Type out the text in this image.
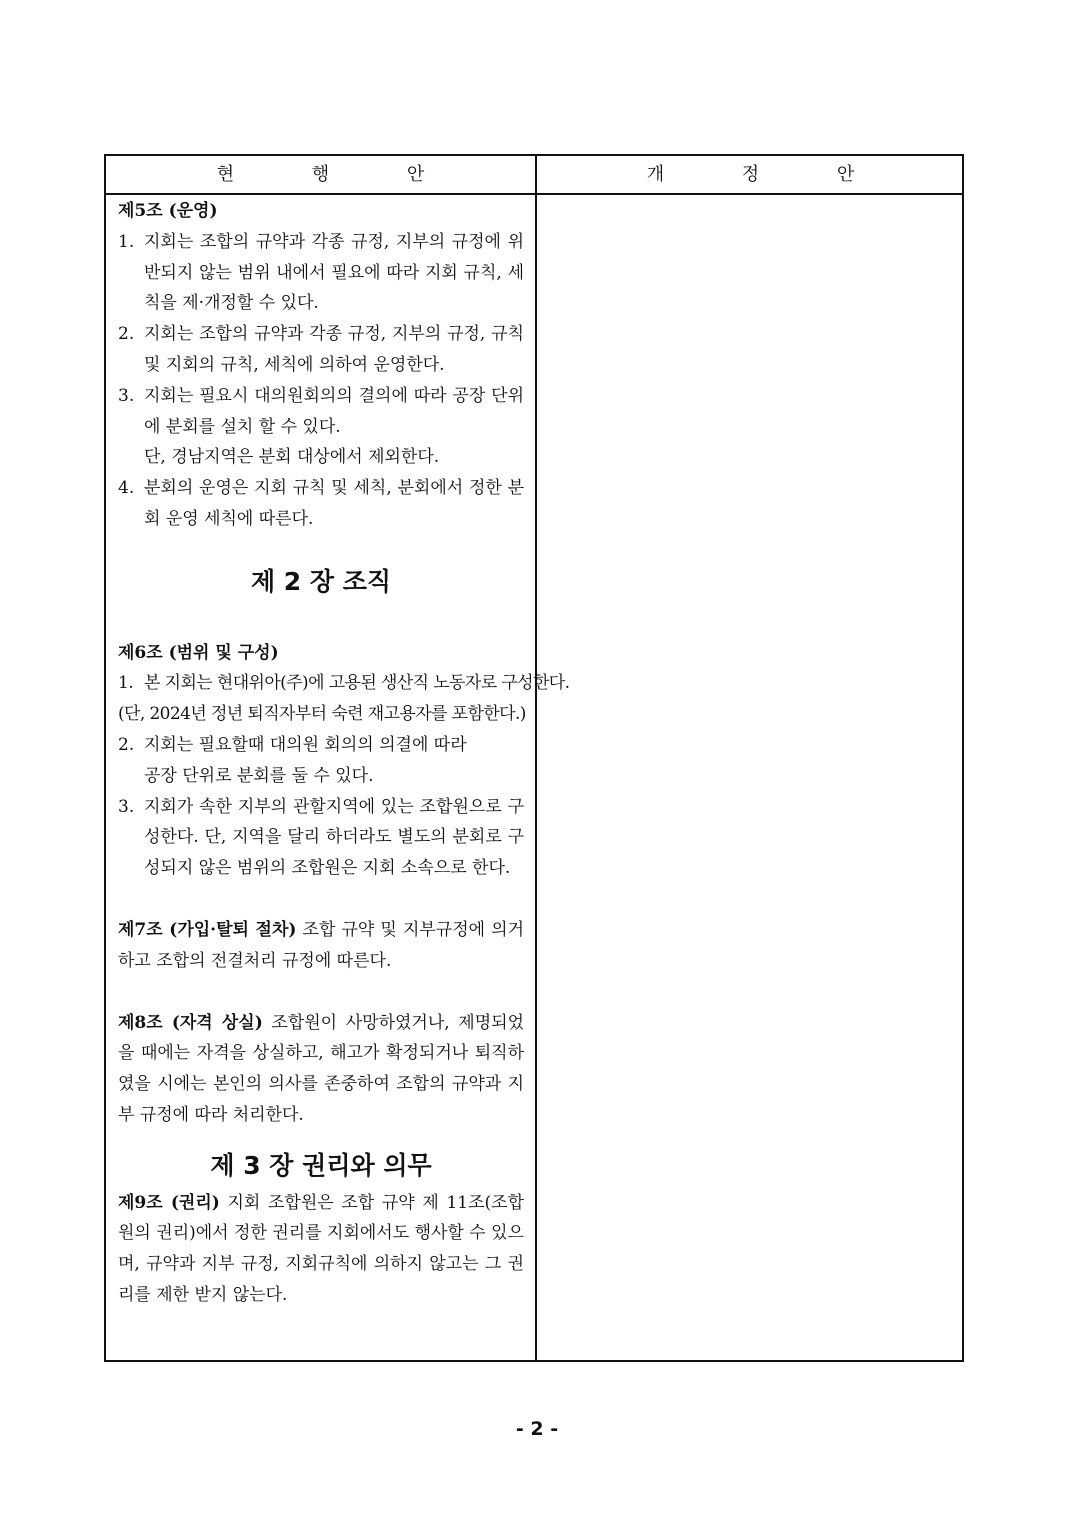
현 행 안	개 정 안

제5조 (운영)

1. 지회는 조합의 규약과 각종 규정, 지부의 규정에 위반되지 않는 범위 내에서 필요에 따라 지회 규칙, 세칙을 제·개정할 수 있다.
2. 지회는 조합의 규약과 각종 규정, 지부의 규정, 규칙 및 지회의 규칙, 세칙에 의하여 운영한다.
3. 지회는 필요시 대의원회의의 결의에 따라 공장 단위에 분회를 설치 할 수 있다.

단, 경남지역은 분회 대상에서 제외한다.

4. 분회의 운영은 지회 규칙 및 세칙, 분회에서 정한 분회 운영 세칙에 따른다.

제 2 장 조직

제6조 (범위 및 구성)

1. 본 지회는 현대위아(주)에 고용된 생산직 노동자로 구성한다.

(단, 2024년 정년 퇴직자부터 숙련 재고용자를 포함한다.)

2. 지회는 필요할때 대의원 회의의 의결에 따라

공장 단위로 분회를 둘 수 있다.

3. 지회가 속한 지부의 관할지역에 있는 조합원으로 구성한다. 단, 지역을 달리 하더라도 별도의 분회로 구성되지 않은 범위의 조합원은 지회 소속으로 한다.

제7조 (가입·탈퇴 절차) 조합 규약 및 지부규정에 의거하고 조합의 전결처리 규정에 따른다.

제8조 (자격 상실) 조합원이 사망하였거나, 제명되었을 때에는 자격을 상실하고, 해고가 확정되거나 퇴직하였을 시에는 본인의 의사를 존중하여 조합의 규약과 지부 규정에 따라 처리한다.

제 3 장 권리와 의무

제9조 (권리) 지회 조합원은 조합 규약 제 11조(조합원의 권리)에서 정한 권리를 지회에서도 행사할 수 있으며, 규약과 지부 규정, 지회규칙에 의하지 않고는 그 권리를 제한 받지 않는다.

- 2 -
